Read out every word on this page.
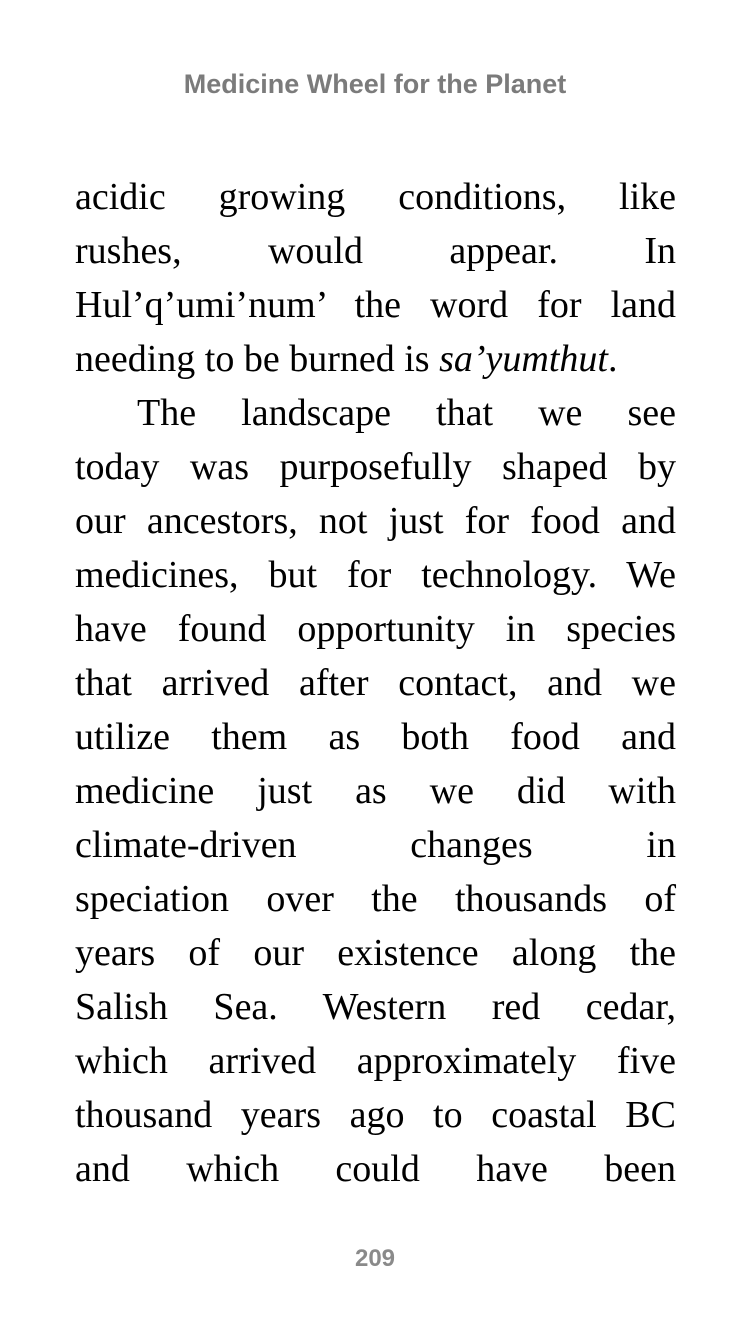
Medicine Wheel for the Planet
acidic growing conditions, like
rushes, would appear. In
Hul’q’umi’num’ the word for land
needing to be burned is sa’yumthut.
The landscape that we see
today was purposefully shaped by
our ancestors, not just for food and
medicines, but for technology. We
have found opportunity in species
that arrived after contact, and we
utilize them as both food and
medicine just as we did with
climate-driven changes in
speciation over the thousands of
years of our existence along the
Salish Sea. Western red cedar,
which arrived approximately five
thousand years ago to coastal BC
and which could have been
209
